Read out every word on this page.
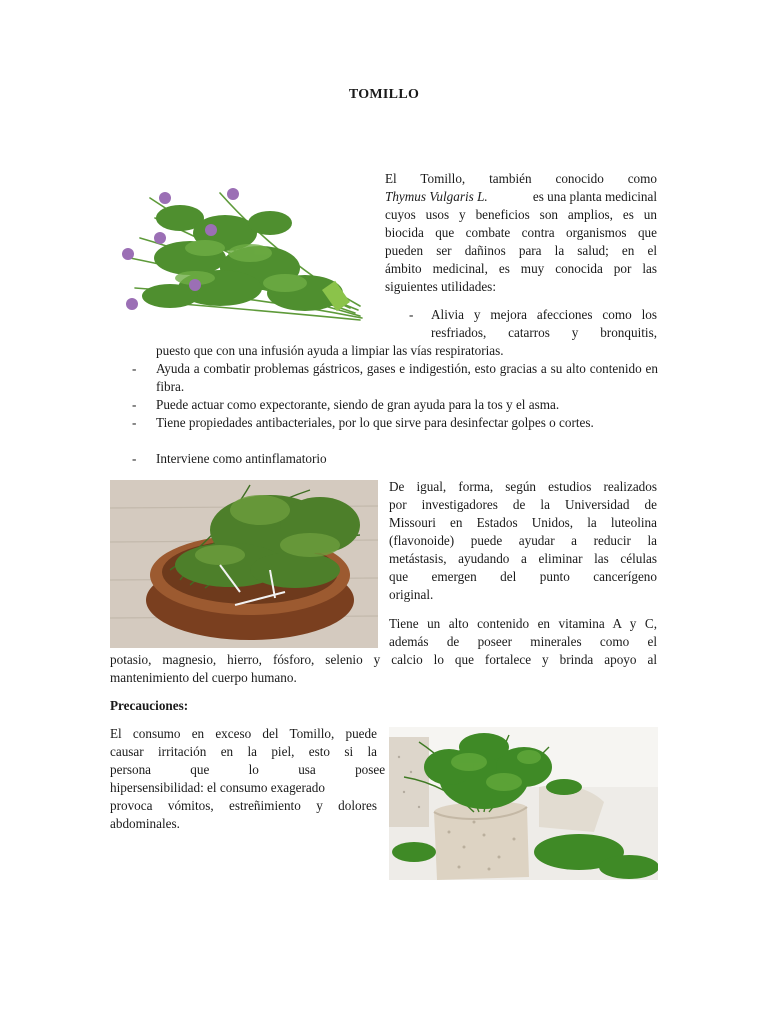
TOMILLO
El Tomillo, también conocido como
Thymus Vulgaris L.	es una planta medicinal
cuyos usos y beneficios son amplios, es un
biocida que combate contra organismos que
pueden ser dañinos para la salud; en el
ámbito medicinal, es muy conocida por las
siguientes utilidades:
- Alivia y mejora afecciones como los
resfriados, catarros y bronquitis,
puesto que con una infusión ayuda a limpiar las vías respiratorias.
- Ayuda a combatir problemas gástricos, gases e indigestión, esto gracias a su alto contenido en fibra.
- Puede actuar como expectorante, siendo de gran ayuda para la tos y el asma.
- Tiene propiedades antibacteriales, por lo que sirve para desinfectar golpes o cortes.
- Interviene como antinflamatorio
De igual, forma, según estudios realizados
por investigadores de la Universidad de
Missouri en Estados Unidos, la luteolina
(flavonoide) puede ayudar a reducir la
metástasis, ayudando a eliminar las células
que emergen del punto cancerígeno
original.
Tiene un alto contenido en vitamina A y C,
además de poseer minerales como el
potasio, magnesio, hierro, fósforo, selenio y calcio lo que fortalece y brinda apoyo al
mantenimiento del cuerpo humano.
Precauciones:
El consumo en exceso del Tomillo, puede
causar irritación en la piel, esto si la
persona que lo usa posee
hipersensibilidad: el consumo exagerado
provoca vómitos, estreñimiento y dolores
abdominales.
